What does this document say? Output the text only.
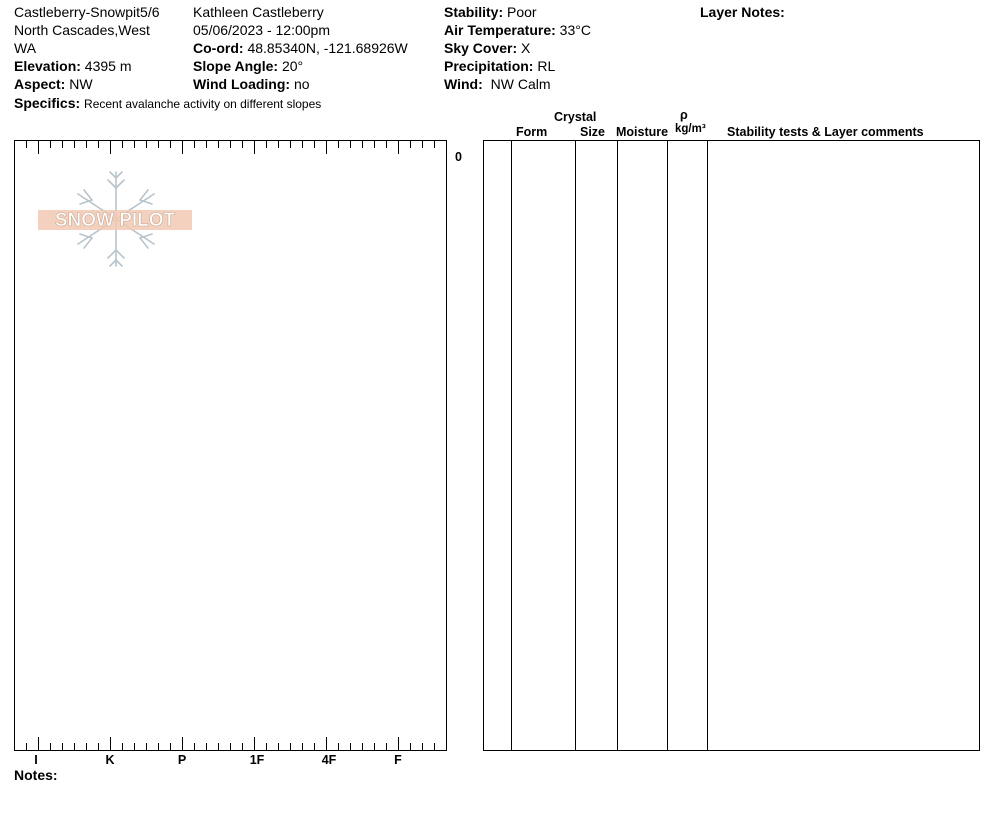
Castleberry-Snowpit5/6
North Cascades,West
WA
Elevation: 4395 m
Aspect: NW
Specifics: Recent avalanche activity on different slopes
Kathleen Castleberry
05/06/2023 - 12:00pm
Co-ord: 48.85340N, -121.68926W
Slope Angle: 20°
Wind Loading: no
Stability: Poor
Air Temperature: 33°C
Sky Cover: X
Precipitation: RL
Wind: NW Calm
Layer Notes:
Crystal
Form	Size Moisture
ρ
kg/m³ Stability tests & Layer comments
0
SNOW PILOT
I	K	P	1F	4F	F
Notes:
